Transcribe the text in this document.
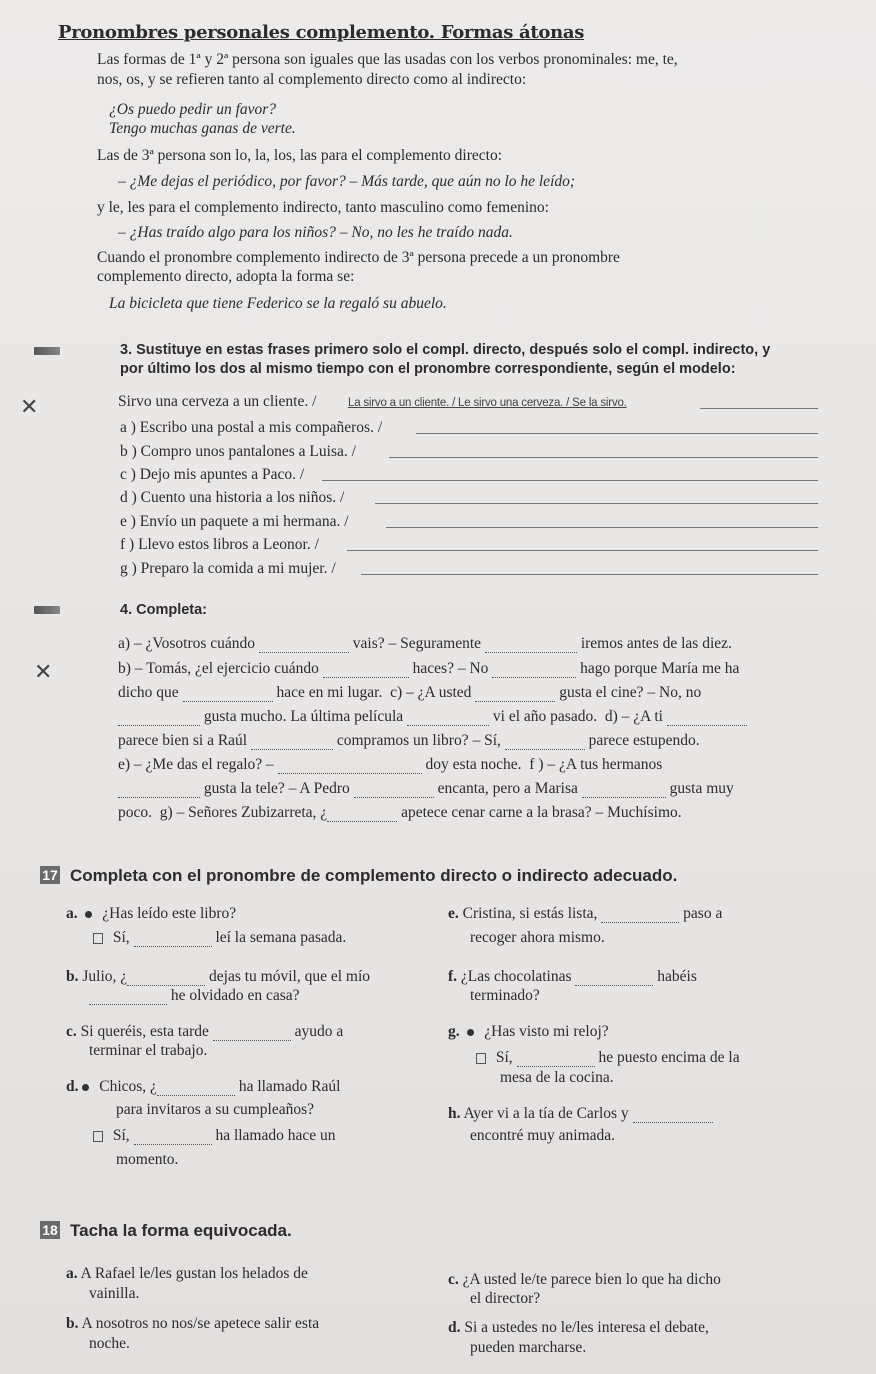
Pronombres personales complemento. Formas átonas
Las formas de 1ª y 2ª persona son iguales que las usadas con los verbos pronominales: me, te,
nos, os, y se refieren tanto al complemento directo como al indirecto:
¿Os puedo pedir un favor?
Tengo muchas ganas de verte.
Las de 3ª persona son lo, la, los, las para el complemento directo:
– ¿Me dejas el periódico, por favor? – Más tarde, que aún no lo he leído;
y le, les para el complemento indirecto, tanto masculino como femenino:
– ¿Has traído algo para los niños? – No, no les he traído nada.
Cuando el pronombre complemento indirecto de 3ª persona precede a un pronombre
complemento directo, adopta la forma se:
La bicicleta que tiene Federico se la regaló su abuelo.
3. Sustituye en estas frases primero solo el compl. directo, después solo el compl. indirecto, y
por último los dos al mismo tiempo con el pronombre correspondiente, según el modelo:
✕	Sirvo una cerveza a un cliente. /	La sirvo a un cliente. / Le sirvo una cerveza. / Se la sirvo.
a ) Escribo una postal a mis compañeros. /
b ) Compro unos pantalones a Luisa. /
c ) Dejo mis apuntes a Paco. /
d ) Cuento una historia a los niños. /
e ) Envío un paquete a mi hermana. /
f ) Llevo estos libros a Leonor. /
g ) Preparo la comida a mi mujer. /
4. Completa:
✕
a) – ¿Vosotros cuándo	vais? – Seguramente	iremos antes de las diez.
b) – Tomás, ¿el ejercicio cuándo	haces? – No	hago porque María me ha
dicho que	hace en mi lugar. c) – ¿A usted	gusta el cine? – No, no
gusta mucho. La última película	vi el año pasado. d) – ¿A ti
parece bien si a Raúl	compramos un libro? – Sí,	parece estupendo.
e) – ¿Me das el regalo? –	doy esta noche. f ) – ¿A tus hermanos
gusta la tele? – A Pedro	encanta, pero a Marisa	gusta muy
poco. g) – Señores Zubizarreta, ¿	apetece cenar carne a la brasa? – Muchísimo.
17 Completa con el pronombre de complemento directo o indirecto adecuado.
a. ¿Has leído este libro?
Sí,	leí la semana pasada.
b. Julio, ¿	dejas tu móvil, que el mío
he olvidado en casa?
c. Si queréis, esta tarde	ayudo a
terminar el trabajo.
d. Chicos, ¿	ha llamado Raúl
para invitaros a su cumpleaños?
Sí,	ha llamado hace un
momento.
e. Cristina, si estás lista,	paso a
recoger ahora mismo.
f. ¿Las chocolatinas	habéis
terminado?
g. ¿Has visto mi reloj?
Sí,	he puesto encima de la
mesa de la cocina.
h. Ayer vi a la tía de Carlos y
encontré muy animada.
18 Tacha la forma equivocada.
a. A Rafael le/les gustan los helados de
vainilla.
b. A nosotros no nos/se apetece salir esta
noche.
c. ¿A usted le/te parece bien lo que ha dicho
el director?
d. Si a ustedes no le/les interesa el debate,
pueden marcharse.
